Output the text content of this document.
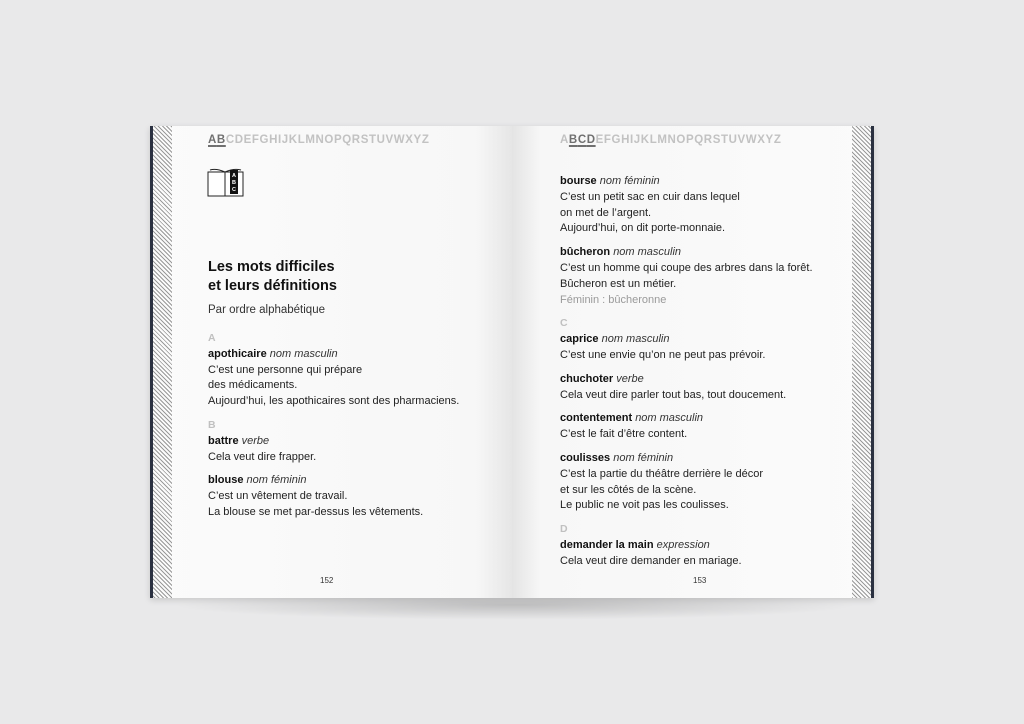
ABCDEFGHIJKLMNOPQRSTUVWXYZ
A
B
C
Les mots difficiles
et leurs définitions
Par ordre alphabétique
A
apothicaire nom masculin
C’est une personne qui prépare
des médicaments.
Aujourd’hui, les apothicaires sont des pharmaciens.
B
battre verbe
Cela veut dire frapper.
blouse nom féminin
C’est un vêtement de travail.
La blouse se met par-dessus les vêtements.
152
ABCDEFGHIJKLMNOPQRSTUVWXYZ
bourse nom féminin
C’est un petit sac en cuir dans lequel
on met de l’argent.
Aujourd’hui, on dit porte-monnaie.
bûcheron nom masculin
C’est un homme qui coupe des arbres dans la forêt.
Bûcheron est un métier.
Féminin : bûcheronne
C
caprice nom masculin
C’est une envie qu’on ne peut pas prévoir.
chuchoter verbe
Cela veut dire parler tout bas, tout doucement.
contentement nom masculin
C’est le fait d’être content.
coulisses nom féminin
C’est la partie du théâtre derrière le décor
et sur les côtés de la scène.
Le public ne voit pas les coulisses.
D
demander la main expression
Cela veut dire demander en mariage.
153
